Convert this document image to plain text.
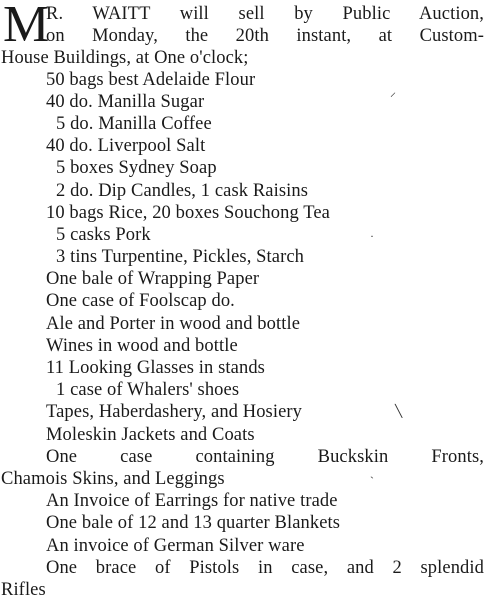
M
R. WAITT will sell by Public Auction,
on Monday, the 20th instant, at Custom-
House Buildings, at One o'clock;
50 bags best Adelaide Flour
40 do. Manilla Sugar
5 do. Manilla Coffee
40 do. Liverpool Salt
5 boxes Sydney Soap
2 do. Dip Candles, 1 cask Raisins
10 bags Rice, 20 boxes Souchong Tea
5 casks Pork
3 tins Turpentine, Pickles, Starch
One bale of Wrapping Paper
One case of Foolscap do.
Ale and Porter in wood and bottle
Wines in wood and bottle
11 Looking Glasses in stands
1 case of Whalers' shoes
Tapes, Haberdashery, and Hosiery
Moleskin Jackets and Coats
One case containing Buckskin Fronts,
Chamois Skins, and Leggings
An Invoice of Earrings for native trade
One bale of 12 and 13 quarter Blankets
An invoice of German Silver ware
One brace of Pistols in case, and 2 splendid
Rifles
⸝
·
╲
`
